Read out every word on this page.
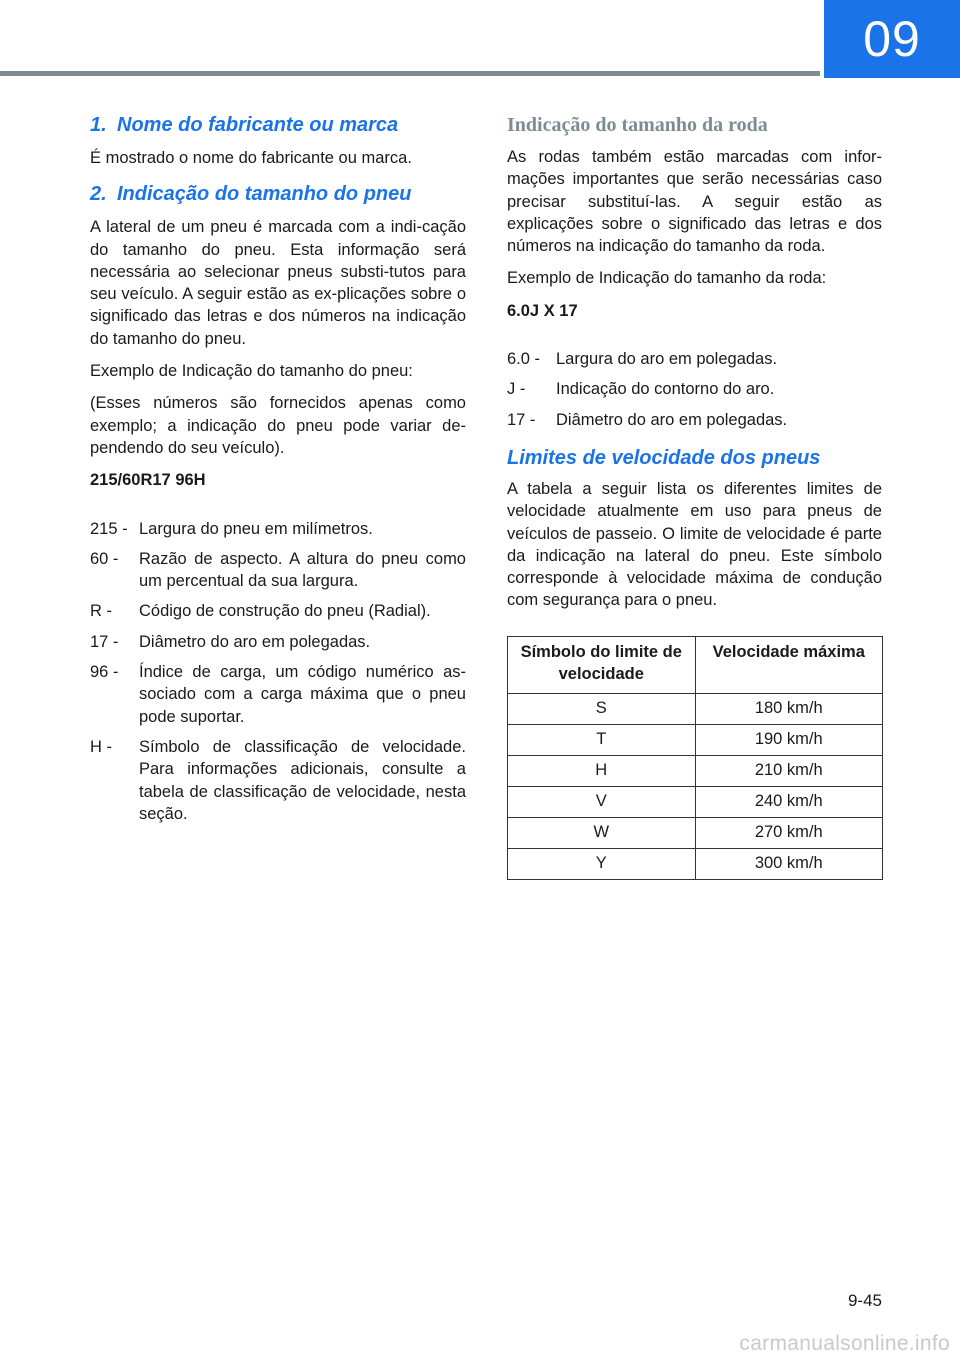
09
1. Nome do fabricante ou marca

É mostrado o nome do fabricante ou marca.

2. Indicação do tamanho do pneu

A lateral de um pneu é marcada com a indi-cação do tamanho do pneu. Esta informação será necessária ao selecionar pneus substi-tutos para seu veículo. A seguir estão as ex-plicações sobre o significado das letras e dos números na indicação do tamanho do pneu.

Exemplo de Indicação do tamanho do pneu:

(Esses números são fornecidos apenas como exemplo; a indicação do pneu pode variar de-pendendo do seu veículo).

215/60R17 96H

215 - Largura do pneu em milímetros.
60 -	Razão de aspecto. A altura do pneu como um percentual da sua largura.
R -	Código de construção do pneu (Radial).
17 -	Diâmetro do aro em polegadas.
96 -	Índice de carga, um código numérico as-sociado com a carga máxima que o pneu pode suportar.
H -	Símbolo de classificação de velocidade. Para informações adicionais, consulte a tabela de classificação de velocidade, nesta seção.
Indicação do tamanho da roda

As rodas também estão marcadas com infor-mações importantes que serão necessárias caso precisar substituí-las. A seguir estão as explicações sobre o significado das letras e dos números na indicação do tamanho da roda.

Exemplo de Indicação do tamanho da roda:

6.0J X 17

6.0 - Largura do aro em polegadas.
J -	Indicação do contorno do aro.
17 -	Diâmetro do aro em polegadas.
Limites de velocidade dos pneus

A tabela a seguir lista os diferentes limites de velocidade atualmente em uso para pneus de veículos de passeio. O limite de velocidade é parte da indicação na lateral do pneu. Este símbolo corresponde à velocidade máxima de condução com segurança para o pneu.

Símbolo do limite de velocidade	Velocidade máxima
S	180 km/h
T	190 km/h
H	210 km/h
V	240 km/h
W	270 km/h
Y	300 km/h
9-45
carmanualsonline.info
